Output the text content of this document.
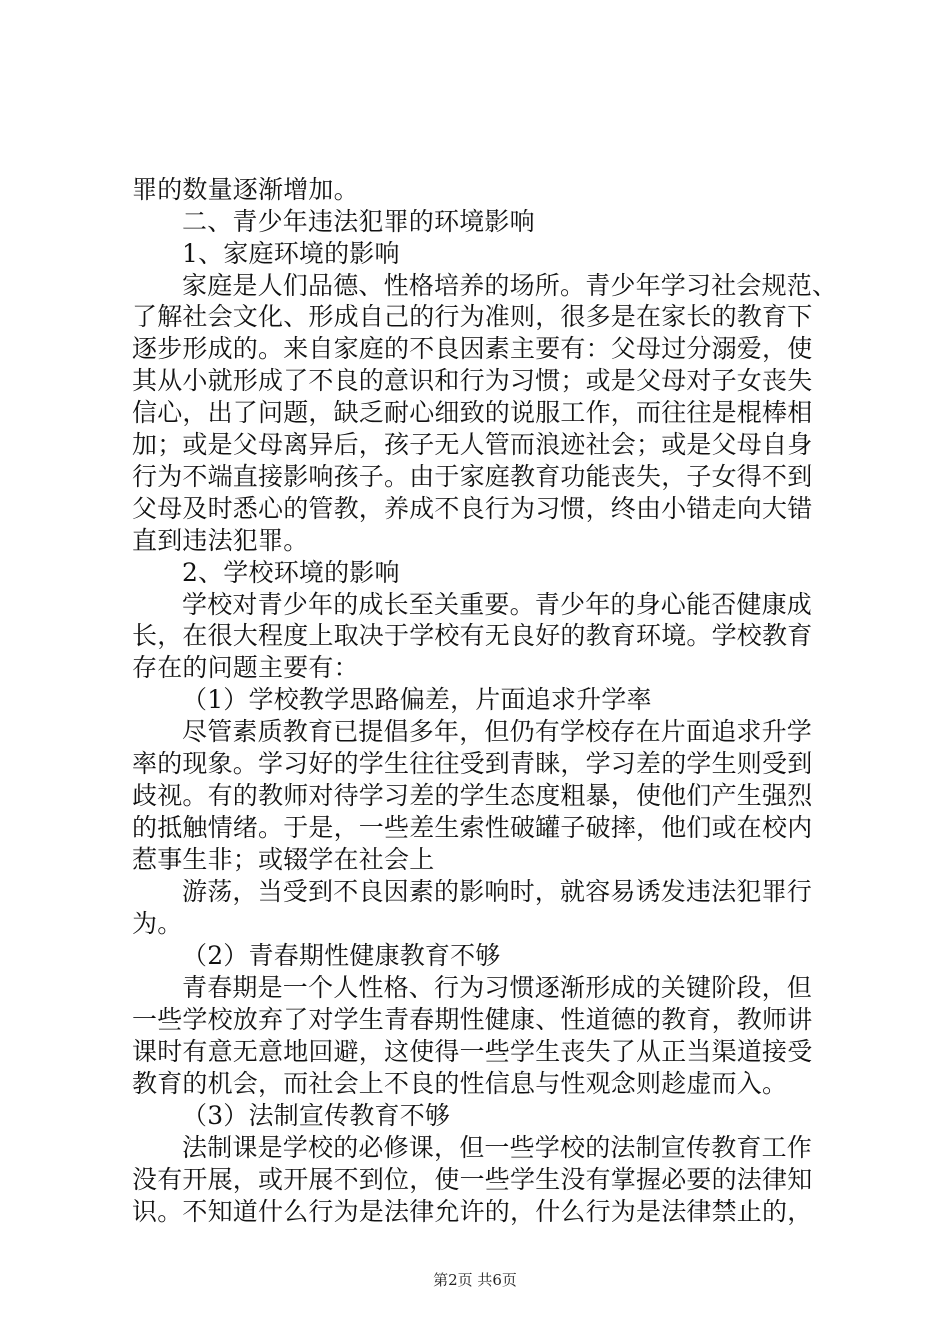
罪的数量逐渐增加。
二、青少年违法犯罪的环境影响
1、家庭环境的影响
家庭是人们品德、性格培养的场所。青少年学习社会规范、
了解社会文化、形成自己的行为准则，很多是在家长的教育下
逐步形成的。来自家庭的不良因素主要有：父母过分溺爱，使
其从小就形成了不良的意识和行为习惯；或是父母对子女丧失
信心，出了问题，缺乏耐心细致的说服工作，而往往是棍棒相
加；或是父母离异后，孩子无人管而浪迹社会；或是父母自身
行为不端直接影响孩子。由于家庭教育功能丧失，子女得不到
父母及时悉心的管教，养成不良行为习惯，终由小错走向大错
直到违法犯罪。
2、学校环境的影响
学校对青少年的成长至关重要。青少年的身心能否健康成
长，在很大程度上取决于学校有无良好的教育环境。学校教育
存在的问题主要有：
（1）学校教学思路偏差，片面追求升学率
尽管素质教育已提倡多年，但仍有学校存在片面追求升学
率的现象。学习好的学生往往受到青睐，学习差的学生则受到
歧视。有的教师对待学习差的学生态度粗暴，使他们产生强烈
的抵触情绪。于是，一些差生索性破罐子破摔，他们或在校内
惹事生非；或辍学在社会上
游荡，当受到不良因素的影响时，就容易诱发违法犯罪行
为。
（2）青春期性健康教育不够
青春期是一个人性格、行为习惯逐渐形成的关键阶段，但
一些学校放弃了对学生青春期性健康、性道德的教育，教师讲
课时有意无意地回避，这使得一些学生丧失了从正当渠道接受
教育的机会，而社会上不良的性信息与性观念则趁虚而入。
（3）法制宣传教育不够
法制课是学校的必修课，但一些学校的法制宣传教育工作
没有开展，或开展不到位，使一些学生没有掌握必要的法律知
识。不知道什么行为是法律允许的，什么行为是法律禁止的，
第2页 共6页
